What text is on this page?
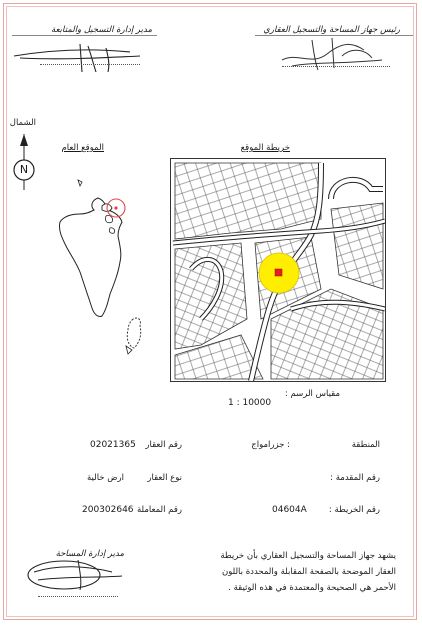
رئيس جهاز المساحة والتسجيل العقاري
مدير إدارة التسجيل والمتابعة
الشمال
N
الموقع العام	خريطة الموقع
مقياس الرسم :
1 : 10000
المنطقة
: جزرامواج
رقم المقدمة :
رقم الخريطة :
04604A
رقم العقار
02021365
نوع العقار
ارض خالية
رقم المعاملة
200302646
يشهد جهاز المساحة والتسجيل العقاري بأن خريطة
العقار الموضحة بالصفحة المقابلة والمحددة باللون
الأحمر هي الصحيحة والمعتمدة في هذه الوثيقة .
مدير إدارة المساحة
